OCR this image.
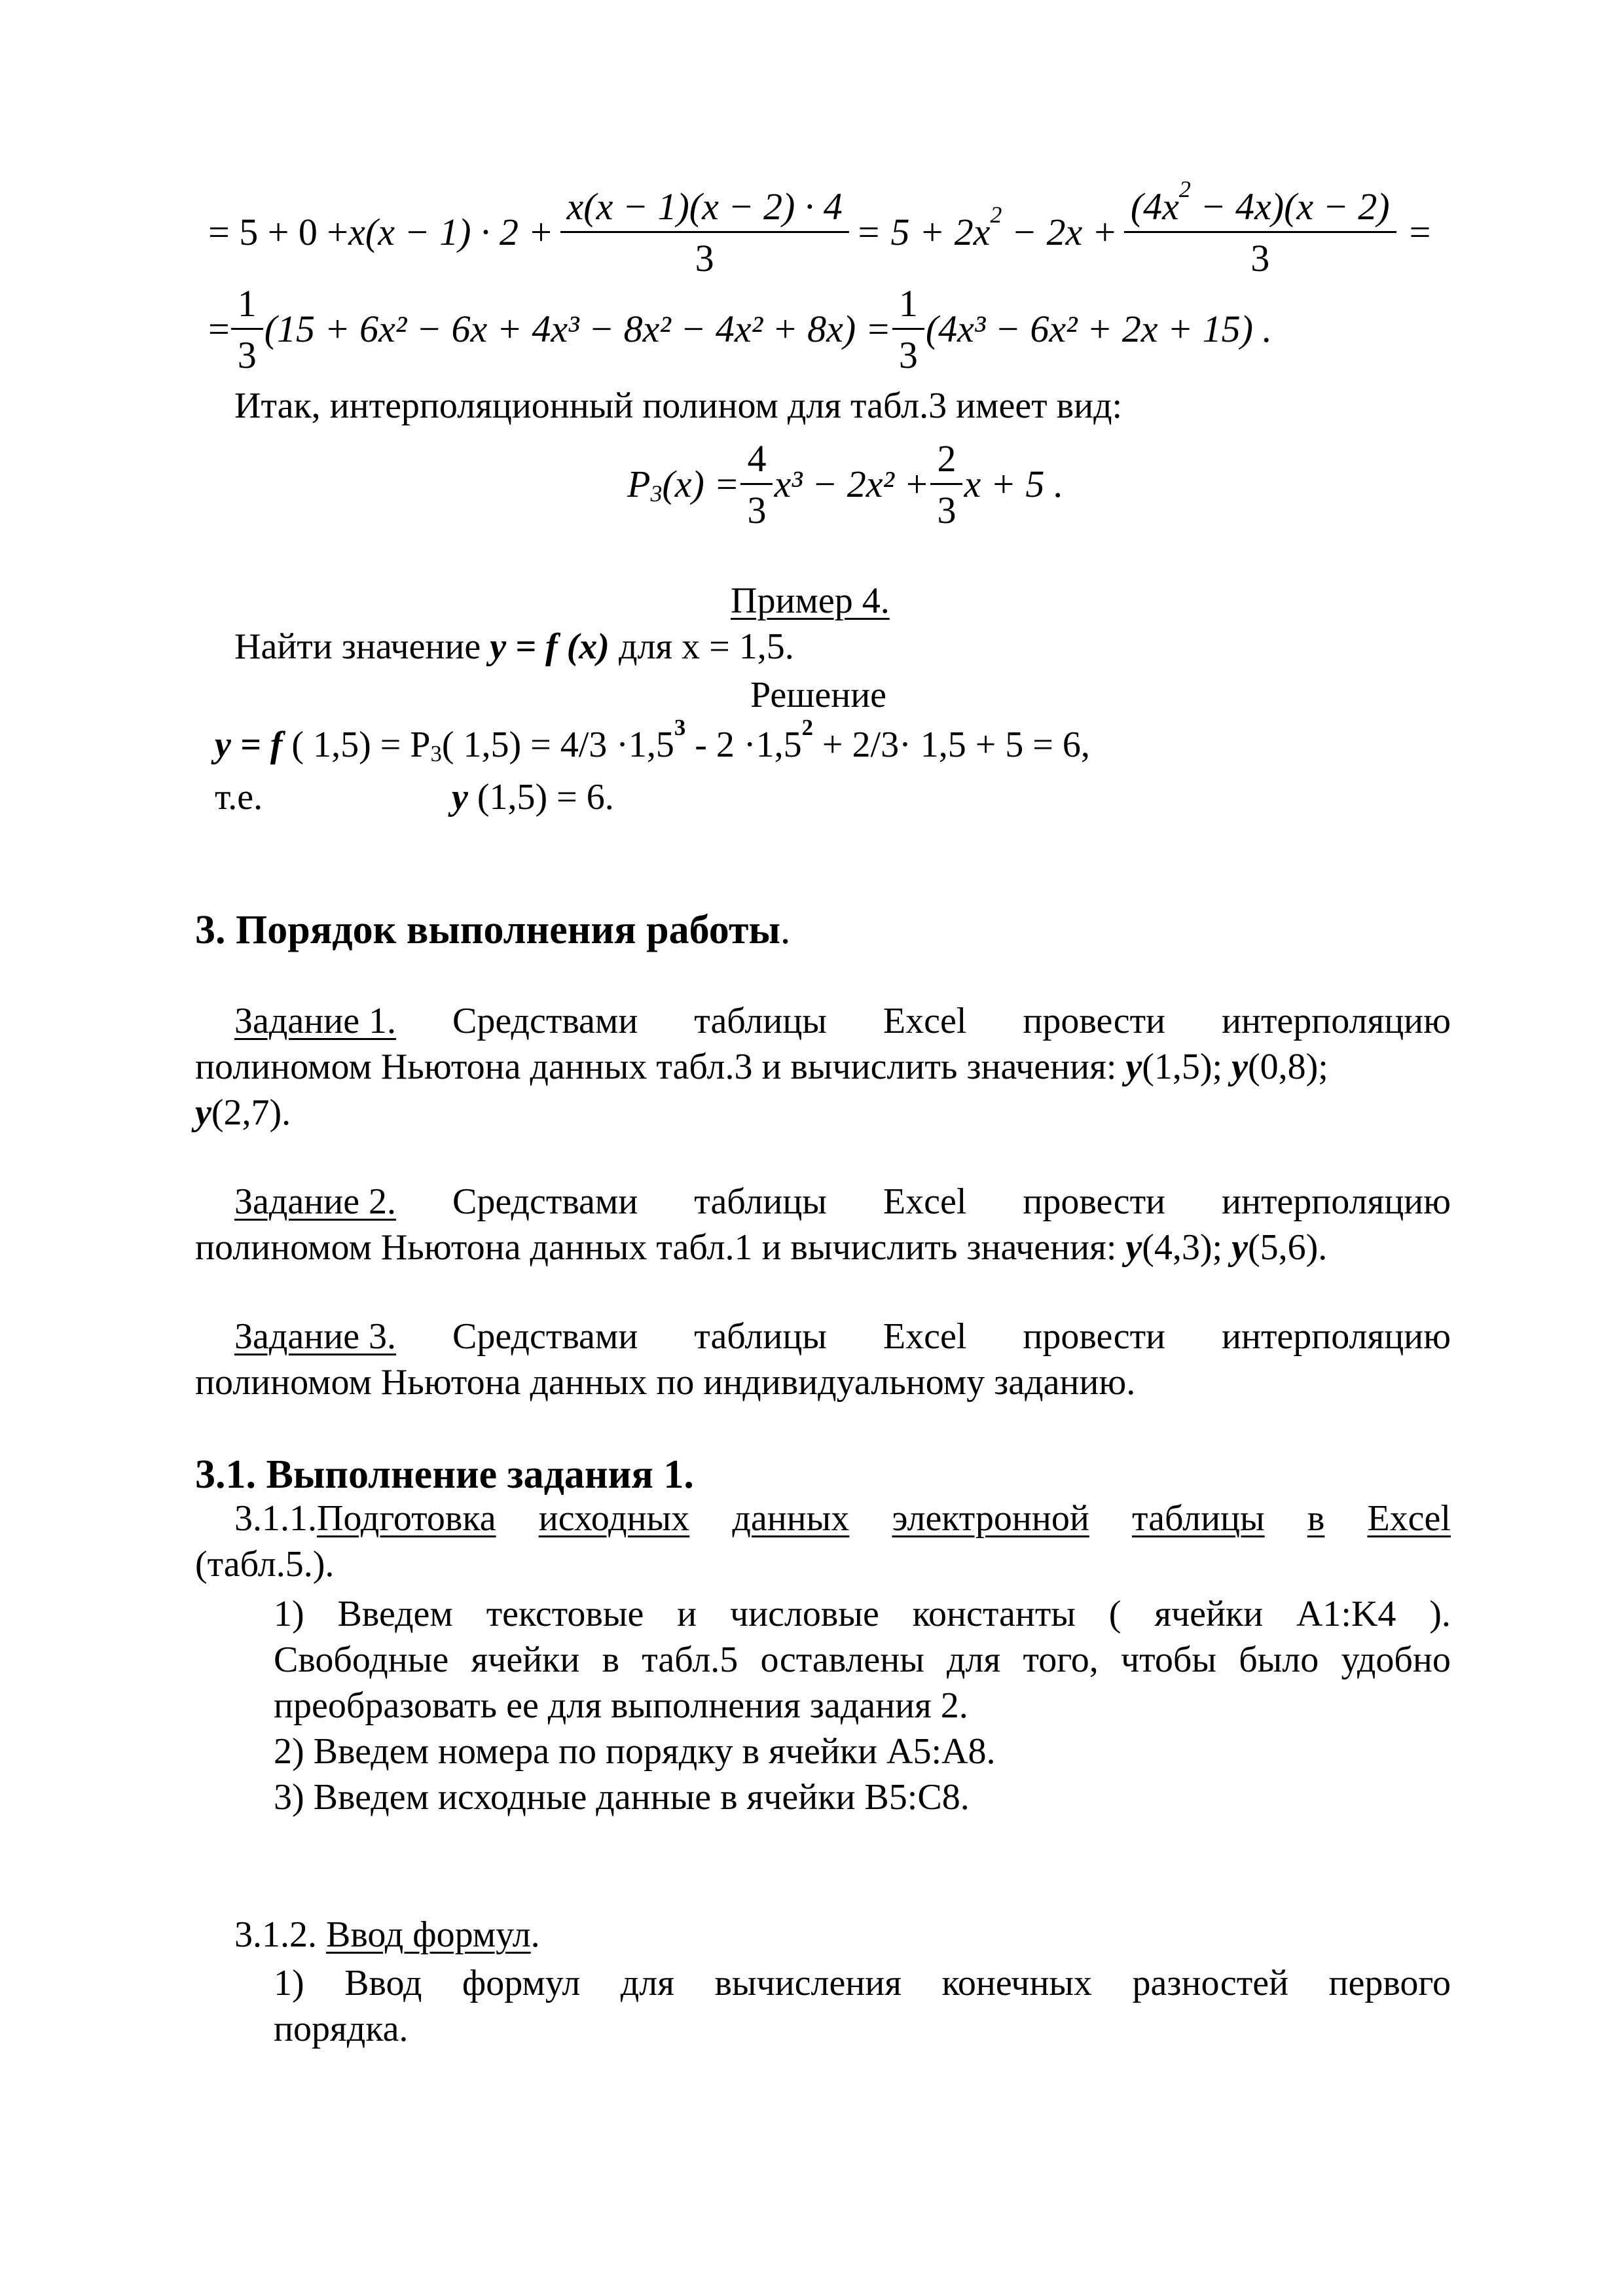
= $5 + 0 + x(x - 1) \cdot 2 + \frac{x(x - 1)(x - 2) \cdot 4}{3} = 5 + 2x^2 - 2x + \frac{(4x^2 - 4x)(x - 2)}{3}$ =
= $\frac{1}{3} (15 + 6x^2 - 6x + 4x^3 - 8x^2 - 4x^2 + 8x) = \frac{1}{3} (4x^3 - 6x^2 + 2x + 15)$ .
Итак, интерполяционный полином для табл.3 имеет вид:
$P_3(x) = \frac{4}{3} x^3 - 2x^2 + \frac{2}{3}$ x + 5 .
Пример 4.
Найти значение y = f (x) для x = 1,5.
Решение
y = f ( $1,5) = P_3$( $1,5) = 4/3 \cdot 1,5^3 - 2 \cdot 1,5^2 + 2/3\cdot 1,5 + 5 = 6$,
т.е.	y (1,5) = 6.
3. Порядок выполнения работы.
Задание 1. Средствами таблицы Excel провести интерполяцию
полиномом Ньютона данных табл.3 и вычислить значения: y(1,5); y(0,8);
y(2,7).
Задание 2. Средствами таблицы Excel провести интерполяцию
полиномом Ньютона данных табл.1 и вычислить значения: y(4,3); y(5,6).
Задание 3. Средствами таблицы Excel провести интерполяцию
полиномом Ньютона данных по индивидуальному заданию.
3.1. Выполнение задания 1.
3.1.1.Подготовка исходных данных электронной таблицы в Excel
(табл.5.).
1) Введем текстовые и числовые константы ( ячейки A1:K4 ).
Свободные ячейки в табл.5 оставлены для того, чтобы было удобно
преобразовать ее для выполнения задания 2.
2) Введем номера по порядку в ячейки A5:A8.
3) Введем исходные данные в ячейки B5:C8.
3.1.2. Ввод формул.
1) Ввод формул для вычисления конечных разностей первого
порядка.
